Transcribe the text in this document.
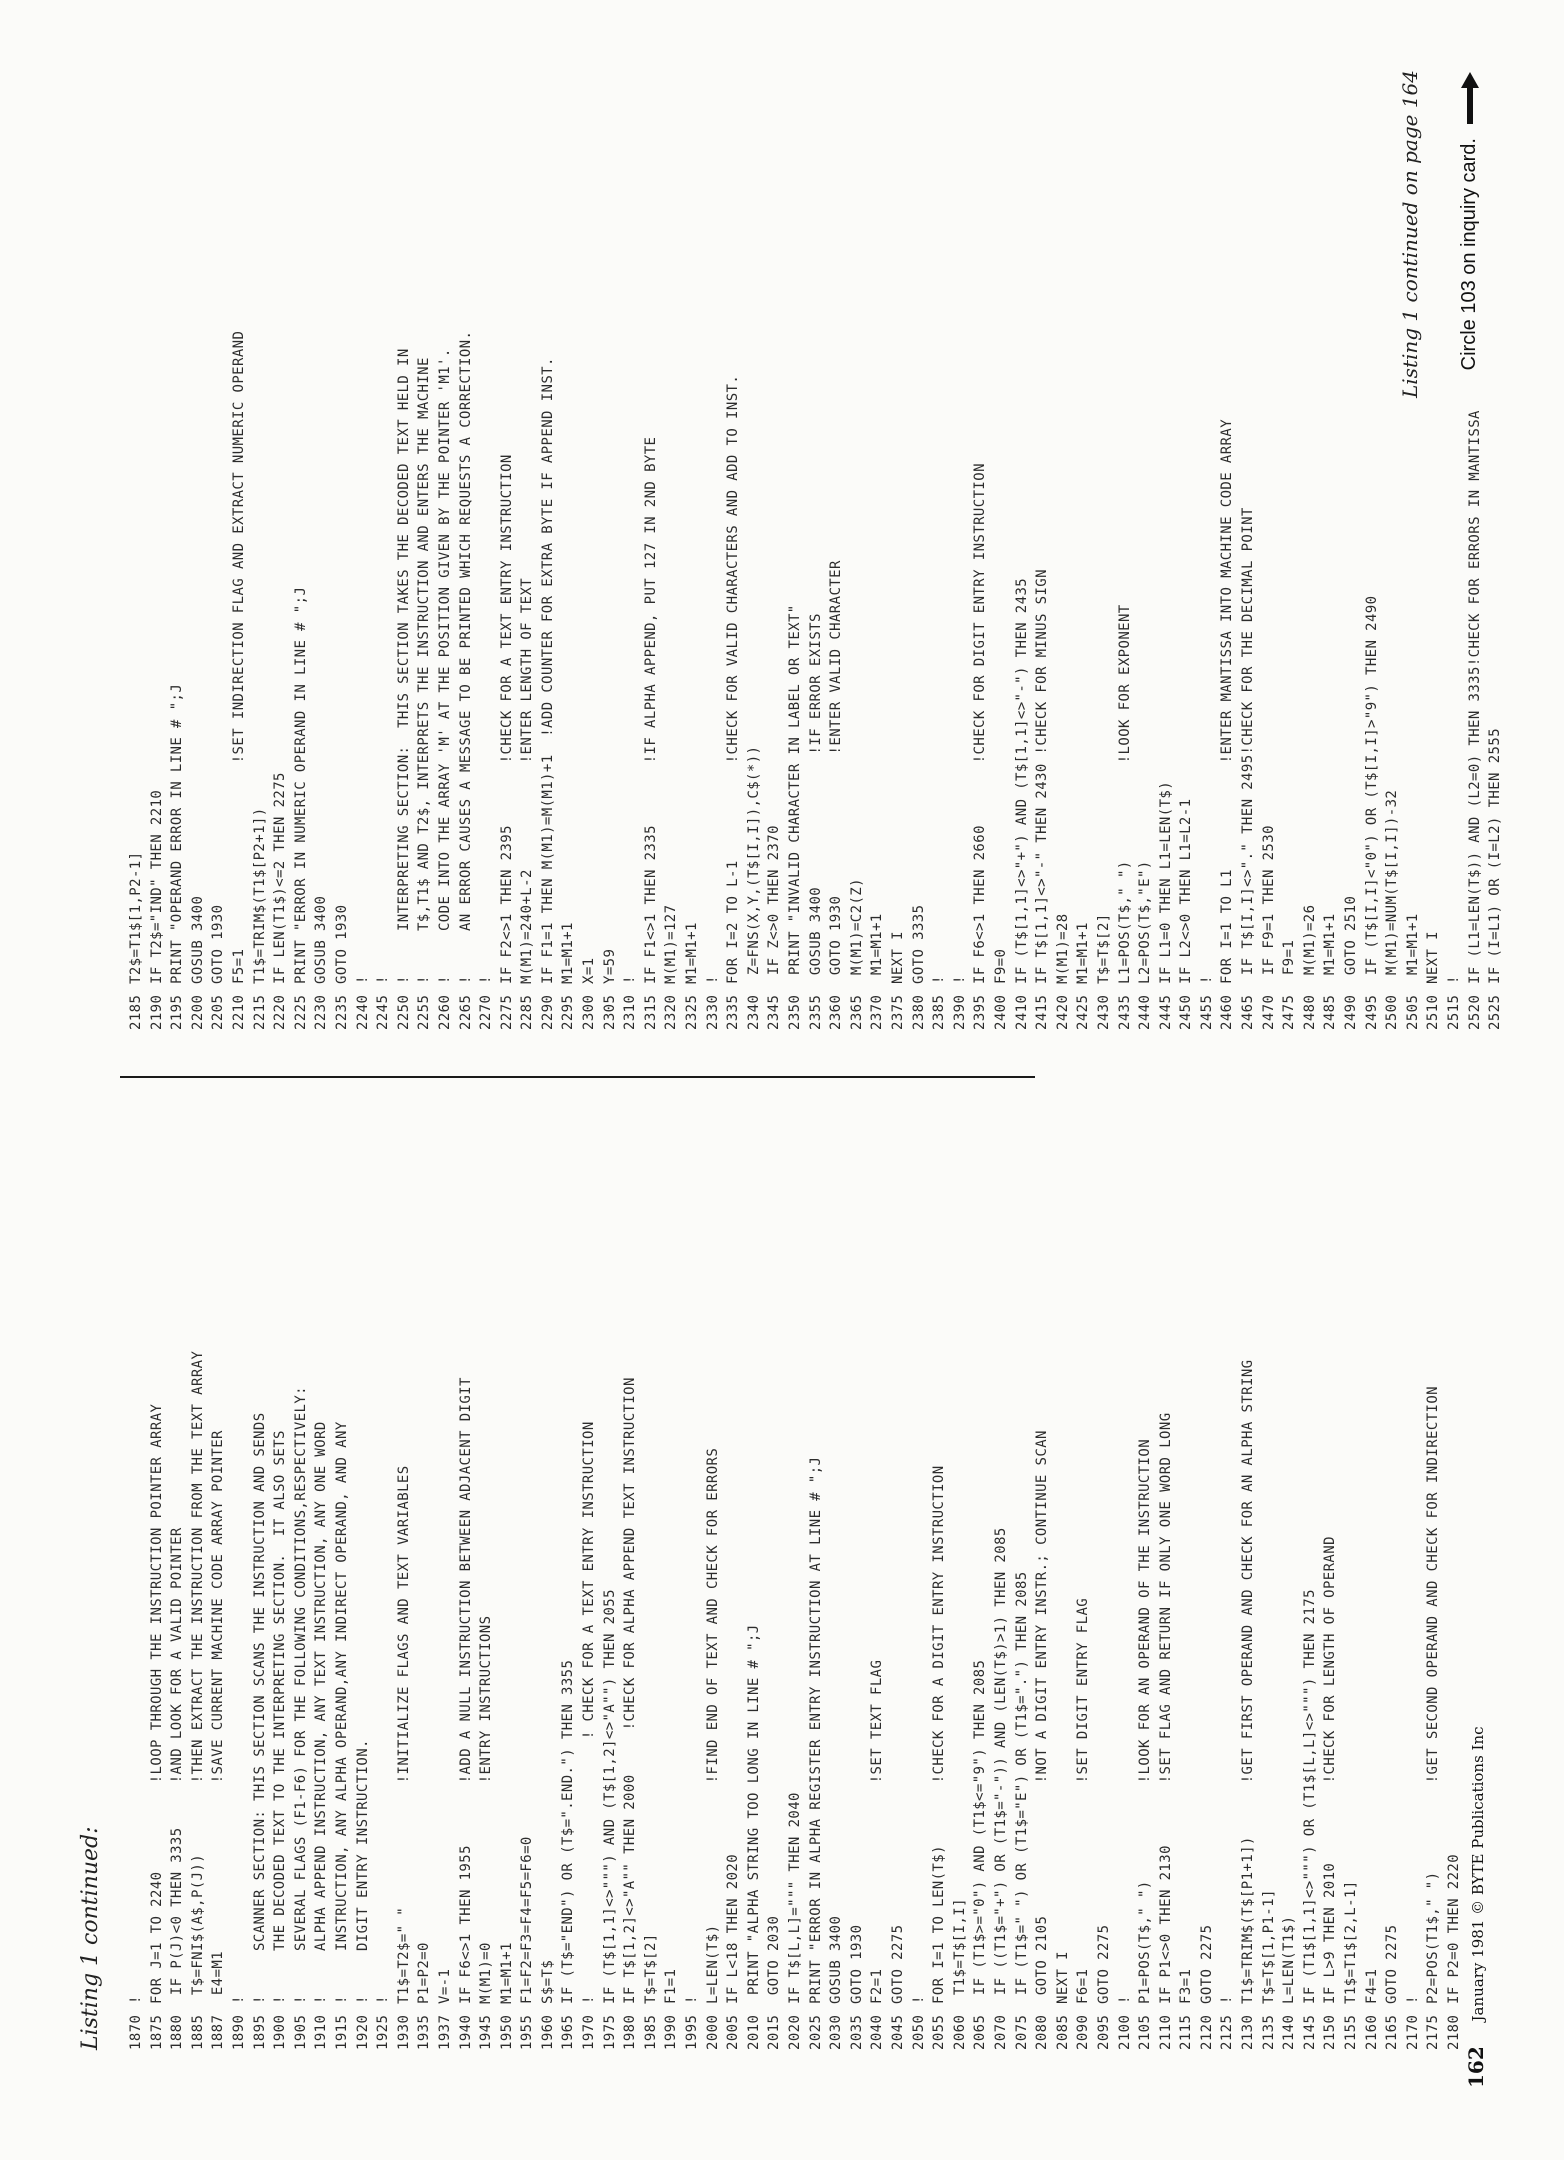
Listing 1 continued: 1870!
1875FOR J=1 TO 2240          !LOOP THROUGH THE INSTRUCTION POINTER ARRAY
1880 IF P(J)<0 THEN 3335     !AND LOOK FOR A VALID POINTER
1885 T$=FNI$(A$,P(J))        !THEN EXTRACT THE INSTRUCTION FROM THE TEXT ARRAY
1887 E4=M1                   !SAVE CURRENT MACHINE CODE ARRAY POINTER
1890!
1895!     SCANNER SECTION: THIS SECTION SCANS THE INSTRUCTION AND SENDS
1900!     THE DECODED TEXT TO THE INTERPRETING SECTION.  IT ALSO SETS
1905!     SEVERAL FLAGS (F1-F6) FOR THE FOLLOWING CONDITIONS,RESPECTIVELY:
1910!     ALPHA APPEND INSTRUCTION, ANY TEXT INSTRUCTION, ANY ONE WORD
1915!     INSTRUCTION, ANY ALPHA OPERAND,ANY INDIRECT OPERAND, AND ANY
1920!     DIGIT ENTRY INSTRUCTION.
1925!
1930T1$=T2$=" "              !INITIALIZE FLAGS AND TEXT VARIABLES
1935P1=P2=0
1937V=-1
1940IF F6<>1 THEN 1955       !ADD A NULL INSTRUCTION BETWEEN ADJACENT DIGIT
1945M(M1)=0                  !ENTRY INSTRUCTIONS
1950M1=M1+1
1955F1=F2=F3=F4=F5=F6=0
1960S$=T$
1965IF (T$="END") OR (T$=".END.") THEN 3355
1970!                             ! CHECK FOR A TEXT ENTRY INSTRUCTION
1975IF (T$[1,1]<>""") AND (T$[1,2]<>"A"") THEN 2055
1980IF T$[1,2]<>"A"" THEN 2000     !CHECK FOR ALPHA APPEND TEXT INSTRUCTION
1985T$=T$[2]
1990F1=1
1995!
2000L=LEN(T$)                !FIND END OF TEXT AND CHECK FOR ERRORS
2005IF L<18 THEN 2020
2010 PRINT "ALPHA STRING TOO LONG IN LINE # ";J
2015 GOTO 2030
2020IF T$[L,L]=""" THEN 2040
2025PRINT "ERROR IN ALPHA REGISTER ENTRY INSTRUCTION AT LINE # ";J
2030GOSUB 3400
2035GOTO 1930
2040F2=1                     !SET TEXT FLAG
2045GOTO 2275
2050!
2055FOR I=1 TO LEN(T$)       !CHECK FOR A DIGIT ENTRY INSTRUCTION
2060 T1$=T$[I,I]
2065 IF (T1$>="0") AND (T1$<="9") THEN 2085
2070 IF ((T1$="+") OR (T1$="-")) AND (LEN(T$)>1) THEN 2085
2075 IF (T1$=" ") OR (T1$="E") OR (T1$=".") THEN 2085
2080 GOTO 2105               !NOT A DIGIT ENTRY INSTR.; CONTINUE SCAN
2085NEXT I
2090F6=1                     !SET DIGIT ENTRY FLAG
2095GOTO 2275
2100!
2105P1=POS(T$," ")           !LOOK FOR AN OPERAND OF THE INSTRUCTION
2110IF P1<>0 THEN 2130       !SET FLAG AND RETURN IF ONLY ONE WORD LONG
2115F3=1
2120GOTO 2275
2125!
2130T1$=TRIM$(T$[P1+1])      !GET FIRST OPERAND AND CHECK FOR AN ALPHA STRING
2135T$=T$[1,P1-1]
2140L=LEN(T1$)
2145IF (T1$[1,1]<>""") OR (T1$[L,L]<>""") THEN 2175
2150IF L>9 THEN 2010         !CHECK FOR LENGTH OF OPERAND
2155T1$=T1$[2,L-1]
2160F4=1
2165GOTO 2275
2170!
2175P2=POS(T1$," ")          !GET SECOND OPERAND AND CHECK FOR INDIRECTION
2180IF P2=0 THEN 2220
2185T2$=T1$[1,P2-1]
2190IF T2$="IND" THEN 2210
2195PRINT "OPERAND ERROR IN LINE # ";J
2200GOSUB 3400
2205GOTO 1930
2210F5=1                     !SET INDIRECTION FLAG AND EXTRACT NUMERIC OPERAND
2215T1$=TRIM$(T1$[P2+1])
2220IF LEN(T1$)<=2 THEN 2275
2225PRINT "ERROR IN NUMERIC OPERAND IN LINE # ";J
2230GOSUB 3400
2235GOTO 1930
2240!
2245!
2250!     INTERPRETING SECTION:  THIS SECTION TAKES THE DECODED TEXT HELD IN
2255!     T$,T1$ AND T2$, INTERPRETS THE INSTRUCTION AND ENTERS THE MACHINE
2260!     CODE INTO THE ARRAY 'M' AT THE POSITION GIVEN BY THE POINTER 'M1'.
2265!     AN ERROR CAUSES A MESSAGE TO BE PRINTED WHICH REQUESTS A CORRECTION.
2270!
2275IF F2<>1 THEN 2395       !CHECK FOR A TEXT ENTRY INSTRUCTION
2285M(M1)=240+L-2            !ENTER LENGTH OF TEXT
2290IF F1=1 THEN M(M1)=M(M1)+1  !ADD COUNTER FOR EXTRA BYTE IF APPEND INST.
2295M1=M1+1
2300X=1
2305Y=59
2310!
2315IF F1<>1 THEN 2335       !IF ALPHA APPEND, PUT 127 IN 2ND BYTE
2320M(M1)=127
2325M1=M1+1
2330!
2335FOR I=2 TO L-1           !CHECK FOR VALID CHARACTERS AND ADD TO INST.
2340 Z=FNS(X,Y,(T$[I,I]),C$(*))
2345 IF Z<>0 THEN 2370
2350 PRINT "INVALID CHARACTER IN LABEL OR TEXT"
2355 GOSUB 3400               !IF ERROR EXISTS
2360 GOTO 1930                !ENTER VALID CHARACTER
2365 M(M1)=C2(Z)
2370 M1=M1+1
2375NEXT I
2380GOTO 3335
2385!
2390!
2395IF F6<>1 THEN 2660       !CHECK FOR DIGIT ENTRY INSTRUCTION
2400F9=0
2410IF (T$[1,1]<>"+") AND (T$[1,1]<>"-") THEN 2435
2415IF T$[1,1]<>"-" THEN 2430 !CHECK FOR MINUS SIGN
2420M(M1)=28
2425M1=M1+1
2430T$=T$[2]
2435L1=POS(T$," ")           !LOOK FOR EXPONENT
2440L2=POS(T$,"E")
2445IF L1=0 THEN L1=LEN(T$)
2450IF L2<>0 THEN L1=L2-1
2455!
2460FOR I=1 TO L1            !ENTER MANTISSA INTO MACHINE CODE ARRAY
2465 IF T$[I,I]<>"." THEN 2495!CHECK FOR THE DECIMAL POINT
2470 IF F9=1 THEN 2530
2475 F9=1
2480 M(M1)=26
2485 M1=M1+1
2490 GOTO 2510
2495 IF (T$[I,I]<"0") OR (T$[I,I]>"9") THEN 2490
2500 M(M1)=NUM(T$[I,I])-32
2505 M1=M1+1
2510NEXT I
2515!
2520IF (L1=LEN(T$)) AND (L2=0) THEN 3335!CHECK FOR ERRORS IN MANTISSA
2525IF (I=L1) OR (I=L2) THEN 2555
Listing 1 continued on page 164
162 January 1981 © BYTE Publications Inc
Circle 103 on inquiry card.
